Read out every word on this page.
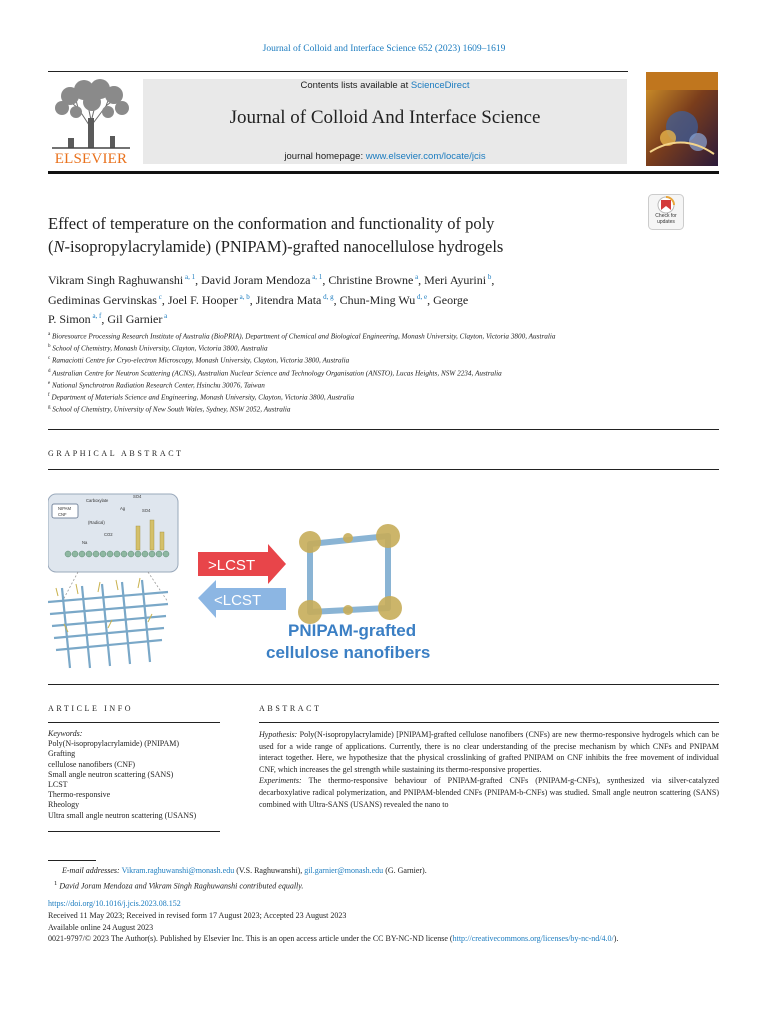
Journal of Colloid and Interface Science 652 (2023) 1609–1619
ELSEVIER
Contents lists available at ScienceDirect
Journal of Colloid And Interface Science
journal homepage: www.elsevier.com/locate/jcis
Check for updates
Effect of temperature on the conformation and functionality of poly
(N-isopropylacrylamide) (PNIPAM)-grafted nanocellulose hydrogels
Vikram Singh Raghuwanshi $^{a, 1}$, David Joram Mendoza $^{a, 1}$, Christine Browne $^a$, Meri Ayurini $^b$,
Gediminas Gervinskas $^c$, Joel F. Hooper $^{a, b}$, Jitendra Mata $^{d, g}$, Chun-Ming Wu $^{d, e}$, George
P. Simon $^{a, f}$, Gil Garnier $^a$
$^a$ Bioresource Processing Research Institute of Australia (BioPRIA), Department of Chemical and Biological Engineering, Monash University, Clayton, Victoria 3800, Australia
$^b$ School of Chemistry, Monash University, Clayton, Victoria 3800, Australia
$^c$ Ramaciotti Centre for Cryo-electron Microscopy, Monash University, Clayton, Victoria 3800, Australia
$^d$ Australian Centre for Neutron Scattering (ACNS), Australian Nuclear Science and Technology Organisation (ANSTO), Lucas Heights, NSW 2234, Australia
$^e$ National Synchrotron Radiation Research Center, Hsinchu 30076, Taiwan
$^f$ Department of Materials Science and Engineering, Monash University, Clayton, Victoria 3800, Australia
$^g$ School of Chemistry, University of New South Wales, Sydney, NSW 2052, Australia
GRAPHICAL ABSTRACT
Carboxylate
NIPAM
CNF
SO4
Ag	SO4
(Radical)
CO2
Na
>LCST
<LCST
PNIPAM-grafted
cellulose nanofibers
ARTICLE INFO
Keywords:
Poly(N-isopropylacrylamide) (PNIPAM)
Grafting
cellulose nanofibers (CNF)
Small angle neutron scattering (SANS)
LCST
Thermo-responsive
Rheology
Ultra small angle neutron scattering (USANS)
ABSTRACT
Hypothesis: Poly(N-isopropylacrylamide) [PNIPAM]-grafted cellulose nanofibers (CNFs) are new thermo-responsive hydrogels which can be used for a wide range of applications. Currently, there is no clear understanding of the precise mechanism by which CNFs and PNIPAM interact together. Here, we hypothesize that the physical crosslinking of grafted PNIPAM on CNF inhibits the free movement of individual CNF, which increases the gel strength while sustaining its thermo-responsive properties.
Experiments: The thermo-responsive behaviour of PNIPAM-grafted CNFs (PNIPAM-g-CNFs), synthesized via silver-catalyzed decarboxylative radical polymerization, and PNIPAM-blended CNFs (PNIPAM-b-CNFs) was studied. Small angle neutron scattering (SANS) combined with Ultra-SANS (USANS) revealed the nano to
E-mail addresses: Vikram.raghuwanshi@monash.edu (V.S. Raghuwanshi), gil.garnier@monash.edu (G. Garnier).
$^1$ David Joram Mendoza and Vikram Singh Raghuwanshi contributed equally.
https://doi.org/10.1016/j.jcis.2023.08.152
Received 11 May 2023; Received in revised form 17 August 2023; Accepted 23 August 2023
Available online 24 August 2023
0021-9797/© 2023 The Author(s). Published by Elsevier Inc. This is an open access article under the CC BY-NC-ND license (http://creativecommons.org/licenses/by-nc-nd/4.0/).
